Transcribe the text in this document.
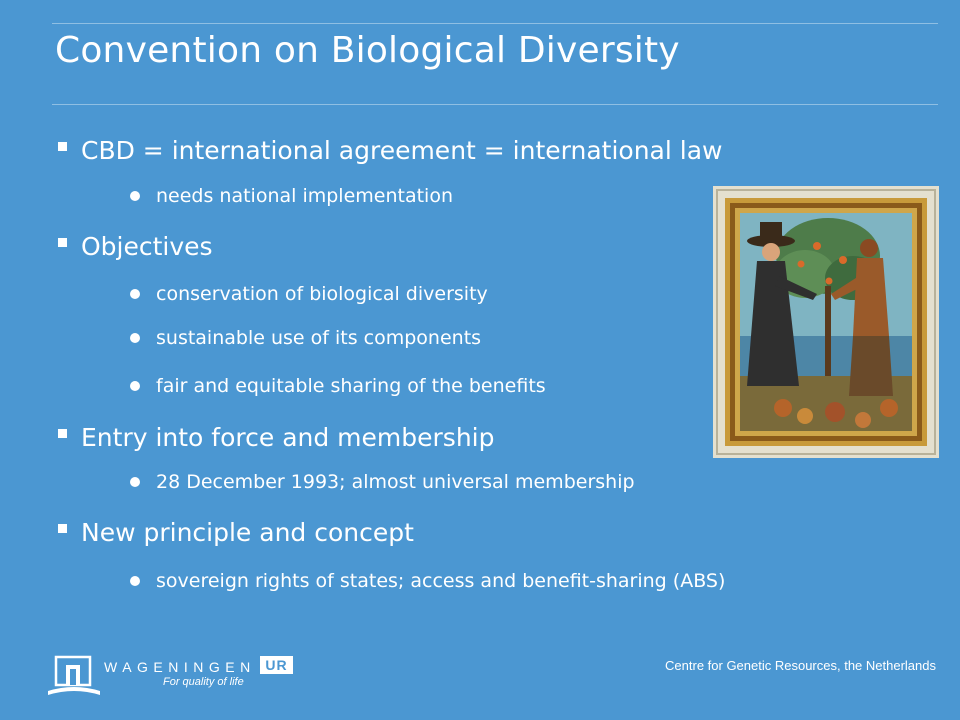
Convention on Biological Diversity
CBD = international agreement = international law
needs national implementation
Objectives
conservation of biological diversity
sustainable use of its components
fair and equitable sharing of the benefits
Entry into force and membership
28 December 1993; almost universal membership
New principle and concept
sovereign rights of states; access and benefit-sharing (ABS)
WAGENINGEN UR
For quality of life
Centre for Genetic Resources, the Netherlands
